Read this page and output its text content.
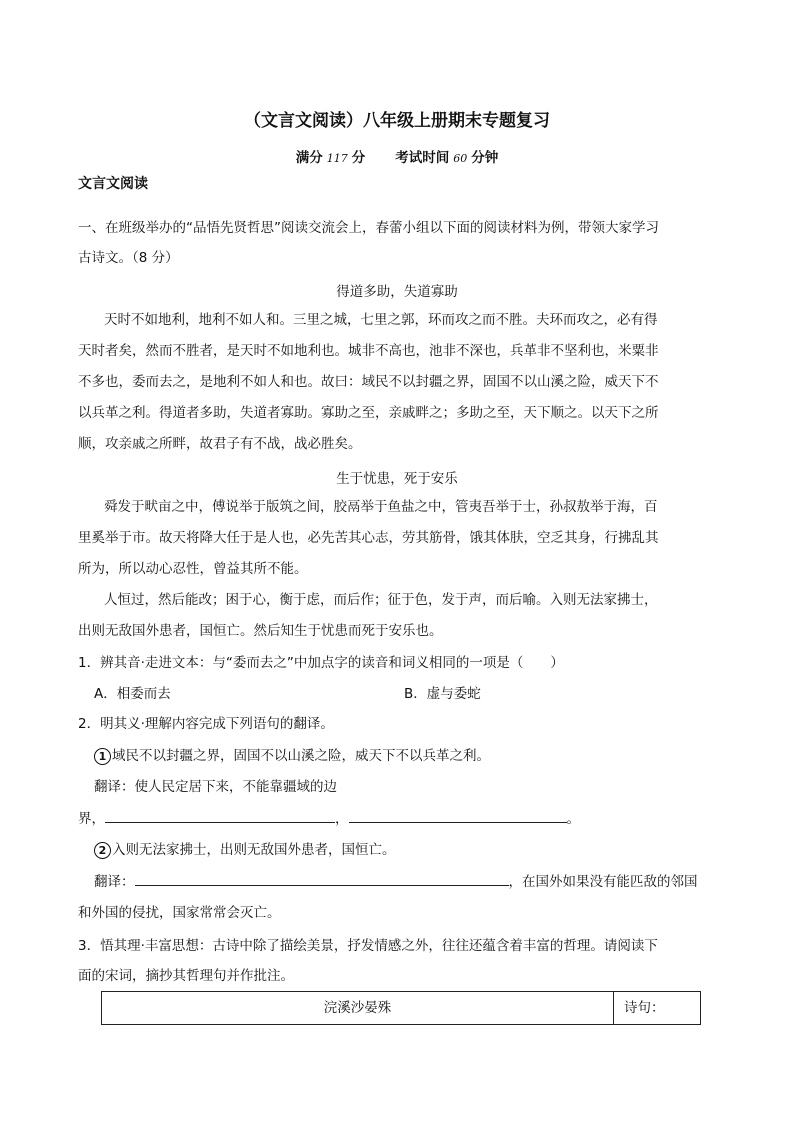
（文言文阅读）八年级上册期末专题复习
满分 117 分 考试时间 60 分钟
文言文阅读
一、在班级举办的“品悟先贤哲思”阅读交流会上，春蕾小组以下面的阅读材料为例，带领大家学习
古诗文。（8 分）
得道多助，失道寡助
天时不如地利，地利不如人和。三里之城，七里之郭，环而攻之而不胜。夫环而攻之，必有得
天时者矣，然而不胜者，是天时不如地利也。城非不高也，池非不深也，兵革非不坚利也，米粟非
不多也，委而去之，是地利不如人和也。故曰：域民不以封疆之界，固国不以山溪之险，威天下不
以兵革之利。得道者多助，失道者寡助。寡助之至，亲戚畔之；多助之至，天下顺之。以天下之所
顺，攻亲戚之所畔，故君子有不战，战必胜矣。
生于忧患，死于安乐
舜发于畎亩之中，傅说举于版筑之间，胶鬲举于鱼盐之中，管夷吾举于士，孙叔敖举于海，百
里奚举于市。故天将降大任于是人也，必先苦其心志，劳其筋骨，饿其体肤，空乏其身，行拂乱其
所为，所以动心忍性，曾益其所不能。
人恒过，然后能改；困于心，衡于虑，而后作；征于色，发于声，而后喻。入则无法家拂士，
出则无敌国外患者，国恒亡。然后知生于忧患而死于安乐也。
1．辨其音·走进文本：与“委而去之”中加点字的读音和词义相同的一项是（　　）
A．相委而去	B．虚与委蛇
2．明其义·理解内容完成下列语句的翻译。
1 域民不以封疆之界，固国不以山溪之险，威天下不以兵革之利。
翻译：使人民定居下来，不能靠疆域的边
界，	，	。
2 入则无法家拂士，出则无敌国外患者，国恒亡。
翻译：	，在国外如果没有能匹敌的邻国
和外国的侵扰，国家常常会灭亡。
3．悟其理·丰富思想：古诗中除了描绘美景，抒发情感之外，往往还蕴含着丰富的哲理。请阅读下
面的宋词，摘抄其哲理句并作批注。
浣溪沙晏殊	诗句：
